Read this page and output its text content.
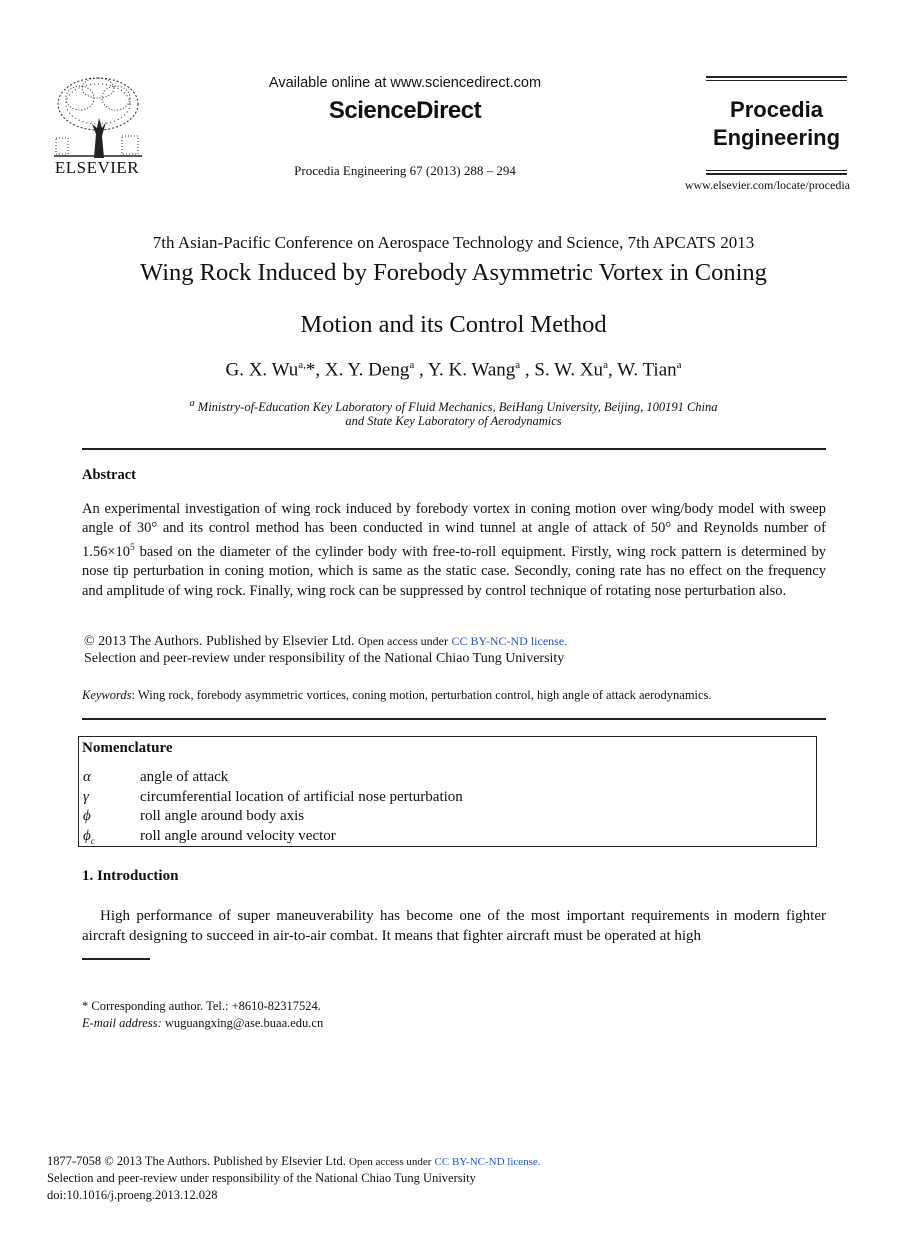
ELSEVIER
Available online at www.sciencedirect.com
ScienceDirect
Procedia Engineering 67 (2013) 288 – 294
Procedia
Engineering
www.elsevier.com/locate/procedia
7th Asian-Pacific Conference on Aerospace Technology and Science, 7th APCATS 2013
Wing Rock Induced by Forebody Asymmetric Vortex in Coning
Motion and its Control Method
G. X. $Wu^{a,}*$, X. Y. Deng$^a$ , Y. K. Wang$^a$ , S. W. Xu$^a$, W. Tian$^a$
$^a$ Ministry-of-Education Key Laboratory of Fluid Mechanics, BeiHang University, Beijing, 100191 China
and State Key Laboratory of Aerodynamics
Abstract
An experimental investigation of wing rock induced by forebody vortex in coning motion over wing/body model with sweep angle of 30° and its control method has been conducted in wind tunnel at angle of attack of 50° and Reynolds number of $1.56\times 10^5$ based on the diameter of the cylinder body with free-to-roll equipment. Firstly, wing rock pattern is determined by nose tip perturbation in coning motion, which is same as the static case. Secondly, coning rate has no effect on the frequency and amplitude of wing rock. Finally, wing rock can be suppressed by control technique of rotating nose perturbation also.
© 2013 The Authors. Published by Elsevier Ltd. Open access under CC BY-NC-ND license.
Selection and peer-review under responsibility of the National Chiao Tung University
Keywords: Wing rock, forebody asymmetric vortices, coning motion, perturbation control, high angle of attack aerodynamics.
Nomenclature
α	angle of attack
γ	circumferential location of artificial nose perturbation
ϕ	roll angle around body axis
$\phi_c$	roll angle around velocity vector
1. Introduction
High performance of super maneuverability has become one of the most important requirements in modern fighter aircraft designing to succeed in air-to-air combat. It means that fighter aircraft must be operated at high
* Corresponding author. Tel.: +8610-82317524.
E-mail address: wuguangxing@ase.buaa.edu.cn
1877-7058 © 2013 The Authors. Published by Elsevier Ltd. Open access under CC BY-NC-ND license.
Selection and peer-review under responsibility of the National Chiao Tung University
doi:10.1016/j.proeng.2013.12.028
